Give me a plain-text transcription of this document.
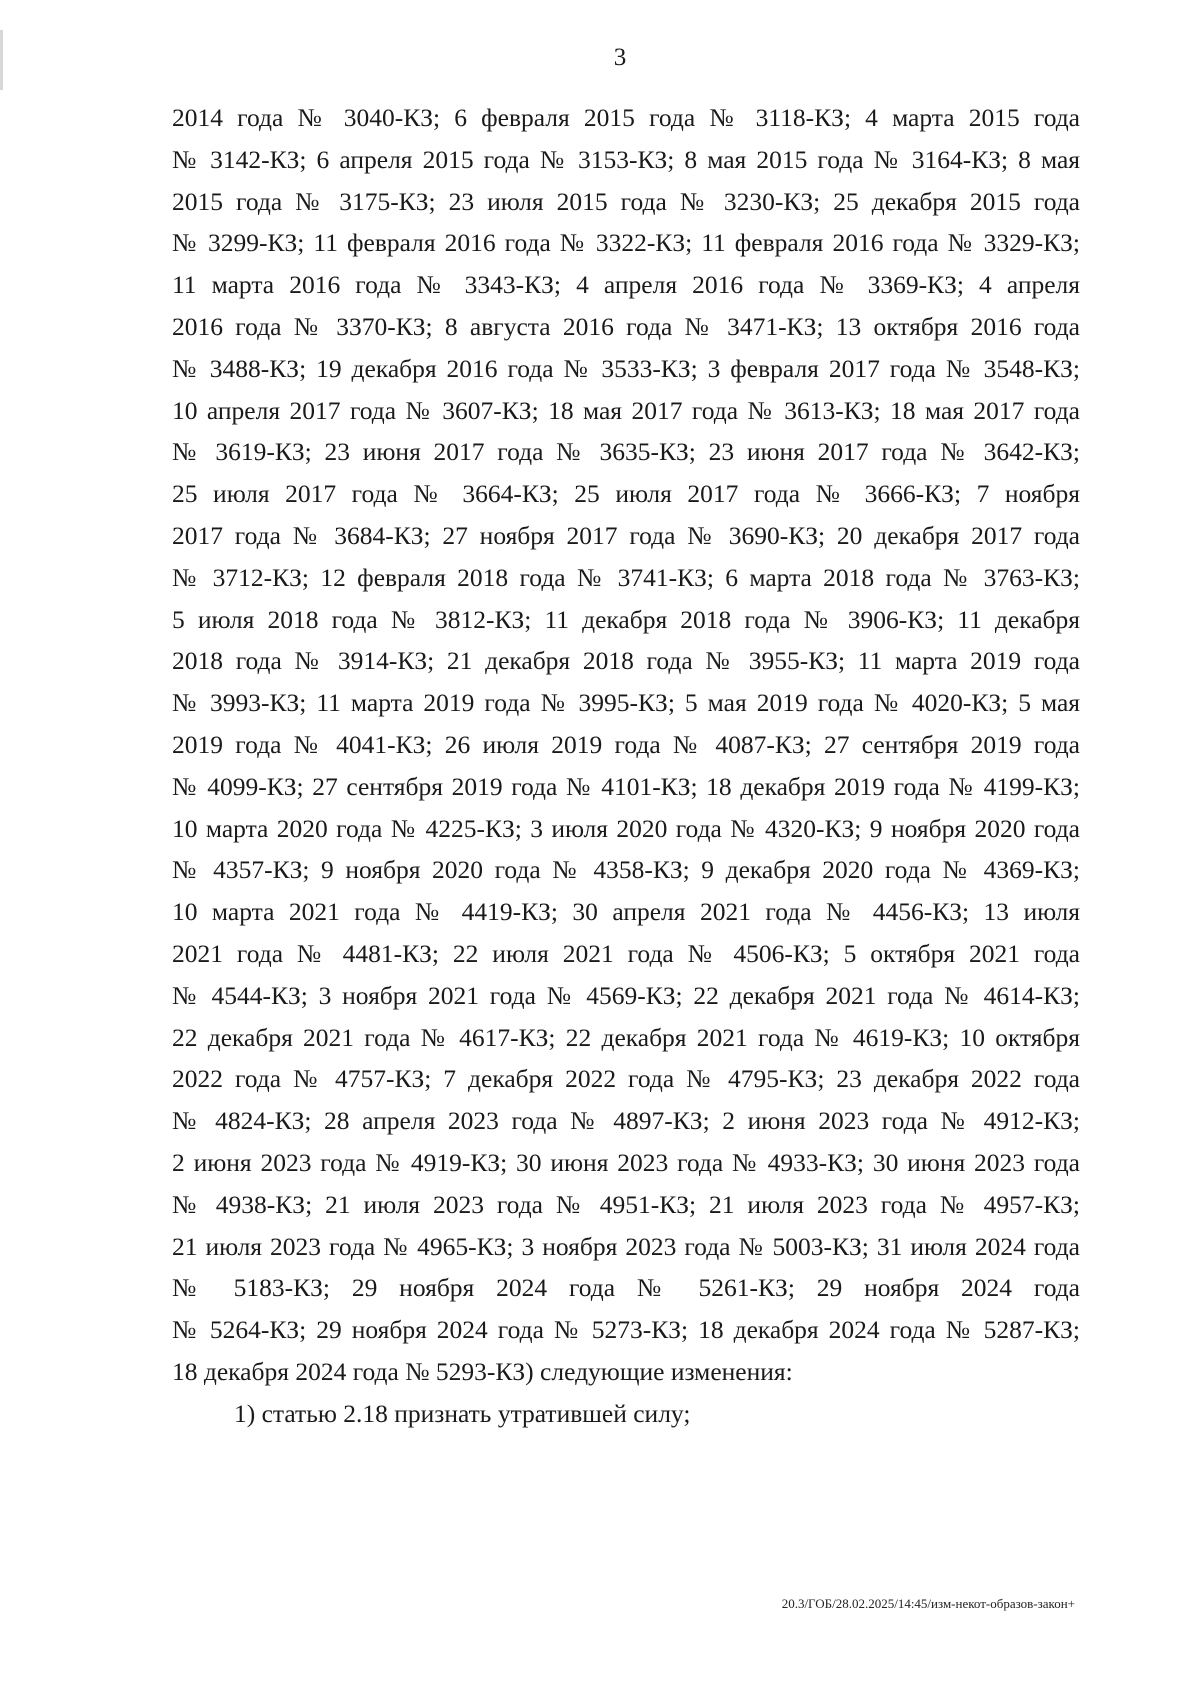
3
2014 года № 3040-КЗ; 6 февраля 2015 года № 3118-КЗ; 4 марта 2015 года
№ 3142-КЗ; 6 апреля 2015 года № 3153-КЗ; 8 мая 2015 года № 3164-КЗ; 8 мая
2015 года № 3175-КЗ; 23 июля 2015 года № 3230-КЗ; 25 декабря 2015 года
№ 3299-КЗ; 11 февраля 2016 года № 3322-КЗ; 11 февраля 2016 года № 3329-КЗ;
11 марта 2016 года № 3343-КЗ; 4 апреля 2016 года № 3369-КЗ; 4 апреля
2016 года № 3370-КЗ; 8 августа 2016 года № 3471-КЗ; 13 октября 2016 года
№ 3488-КЗ; 19 декабря 2016 года № 3533-КЗ; 3 февраля 2017 года № 3548-КЗ;
10 апреля 2017 года № 3607-КЗ; 18 мая 2017 года № 3613-КЗ; 18 мая 2017 года
№ 3619-КЗ; 23 июня 2017 года № 3635-КЗ; 23 июня 2017 года № 3642-КЗ;
25 июля 2017 года № 3664-КЗ; 25 июля 2017 года № 3666-КЗ; 7 ноября
2017 года № 3684-КЗ; 27 ноября 2017 года № 3690-КЗ; 20 декабря 2017 года
№ 3712-КЗ; 12 февраля 2018 года № 3741-КЗ; 6 марта 2018 года № 3763-КЗ;
5 июля 2018 года № 3812-КЗ; 11 декабря 2018 года № 3906-КЗ; 11 декабря
2018 года № 3914-КЗ; 21 декабря 2018 года № 3955-КЗ; 11 марта 2019 года
№ 3993-КЗ; 11 марта 2019 года № 3995-КЗ; 5 мая 2019 года № 4020-КЗ; 5 мая
2019 года № 4041-КЗ; 26 июля 2019 года № 4087-КЗ; 27 сентября 2019 года
№ 4099-КЗ; 27 сентября 2019 года № 4101-КЗ; 18 декабря 2019 года № 4199-КЗ;
10 марта 2020 года № 4225-КЗ; 3 июля 2020 года № 4320-КЗ; 9 ноября 2020 года
№ 4357-КЗ; 9 ноября 2020 года № 4358-КЗ; 9 декабря 2020 года № 4369-КЗ;
10 марта 2021 года № 4419-КЗ; 30 апреля 2021 года № 4456-КЗ; 13 июля
2021 года № 4481-КЗ; 22 июля 2021 года № 4506-КЗ; 5 октября 2021 года
№ 4544-КЗ; 3 ноября 2021 года № 4569-КЗ; 22 декабря 2021 года № 4614-КЗ;
22 декабря 2021 года № 4617-КЗ; 22 декабря 2021 года № 4619-КЗ; 10 октября
2022 года № 4757-КЗ; 7 декабря 2022 года № 4795-КЗ; 23 декабря 2022 года
№ 4824-КЗ; 28 апреля 2023 года № 4897-КЗ; 2 июня 2023 года № 4912-КЗ;
2 июня 2023 года № 4919-КЗ; 30 июня 2023 года № 4933-КЗ; 30 июня 2023 года
№ 4938-КЗ; 21 июля 2023 года № 4951-КЗ; 21 июля 2023 года № 4957-КЗ;
21 июля 2023 года № 4965-КЗ; 3 ноября 2023 года № 5003-КЗ; 31 июля 2024 года
№ 5183-КЗ; 29 ноября 2024 года № 5261-КЗ; 29 ноября 2024 года
№ 5264-КЗ; 29 ноября 2024 года № 5273-КЗ; 18 декабря 2024 года № 5287-КЗ;
18 декабря 2024 года № 5293-КЗ) следующие изменения:
1) статью 2.18 признать утратившей силу;
20.3/ГОБ/28.02.2025/14:45/изм-некот-образов-закон+
